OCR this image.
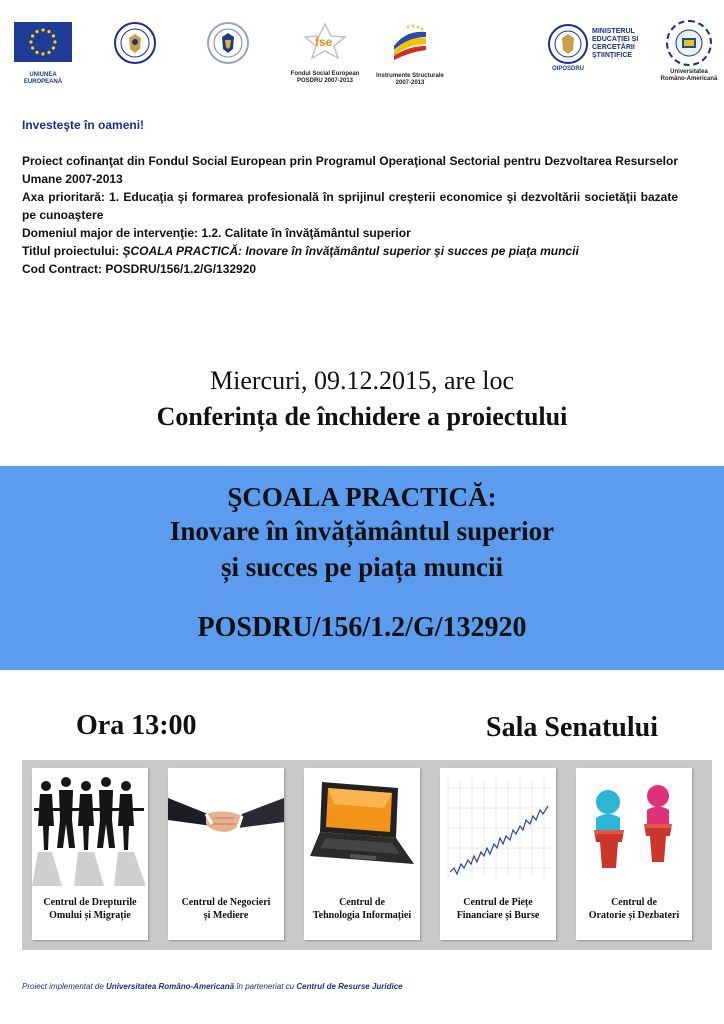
UNIUNEA EUROPEANĂ
fse
Fondul Social European
POSDRU 2007-2013
Instrumente Structurale
2007-2013
OIPOSDRU
MINISTERUL
EDUCAȚIEI ȘI
CERCETĂRII
ȘTIINȚIFICE
Universitatea
Româno-Americană
Investeşte în oameni!
Proiect cofinanţat din Fondul Social European prin Programul Operaţional Sectorial pentru Dezvoltarea Resurselor Umane 2007-2013
Axa prioritară: 1. Educaţia şi formarea profesională în sprijinul creşterii economice şi dezvoltării societăţii bazate pe cunoaştere
Domeniul major de intervenţie: 1.2. Calitate în învăţământul superior
Titlul proiectului: ŞCOALA PRACTICĂ: Inovare în învăţământul superior şi succes pe piaţa muncii
Cod Contract: POSDRU/156/1.2/G/132920
Miercuri, 09.12.2015, are loc
Conferința de închidere a proiectului
ŞCOALA PRACTICĂ:
Inovare în învățământul superior
și succes pe piața muncii
POSDRU/156/1.2/G/132920
Ora 13:00	Sala Senatului
Centrul de Drepturile
Omului și Migrație
Centrul de Negocieri
și Mediere
Centrul de
Tehnologia Informației
Centrul de Piețe
Financiare și Burse
Centrul de
Oratorie și Dezbateri
Proiect implementat de Universitatea Româno-Americană în parteneriat cu Centrul de Resurse Juridice
